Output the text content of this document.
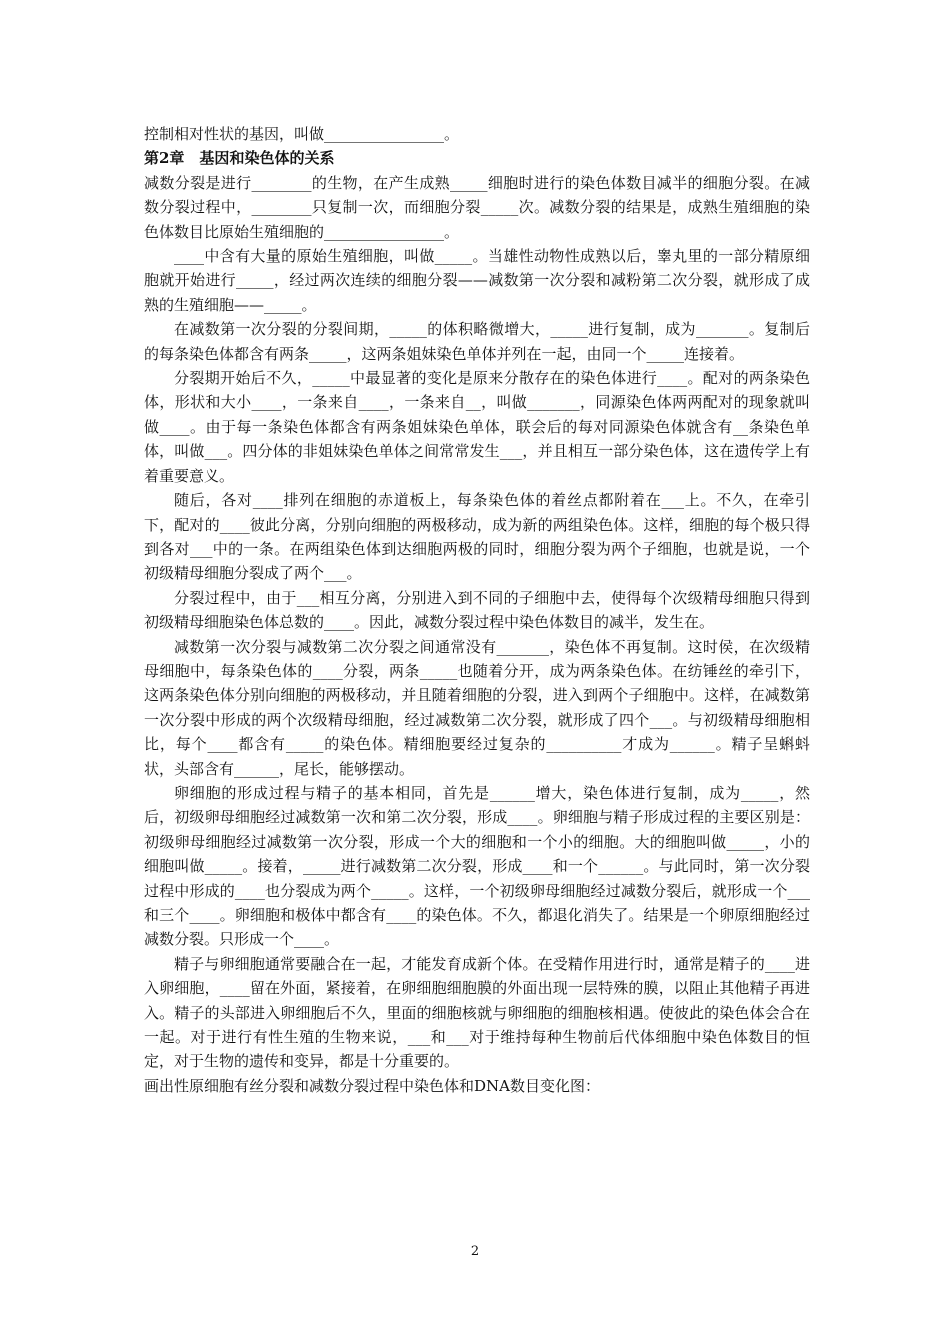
控制相对性状的基因，叫做________________。

第2章　基因和染色体的关系

减数分裂是进行________的生物，在产生成熟_____细胞时进行的染色体数目减半的细胞分裂。在减数分裂过程中，________只复制一次，而细胞分裂_____次。减数分裂的结果是，成熟生殖细胞的染色体数目比原始生殖细胞的________________。

____中含有大量的原始生殖细胞，叫做_____。当雄性动物性成熟以后，睾丸里的一部分精原细胞就开始进行_____，经过两次连续的细胞分裂——减数第一次分裂和减粉第二次分裂，就形成了成熟的生殖细胞——_____。

在减数第一次分裂的分裂间期，_____的体积略微增大，_____进行复制，成为_______。复制后的每条染色体都含有两条_____，这两条姐妹染色单体并列在一起，由同一个_____连接着。

分裂期开始后不久，_____中最显著的变化是原来分散存在的染色体进行____。配对的两条染色体，形状和大小____，一条来自____，一条来自__，叫做_______，同源染色体两两配对的现象就叫做____。由于每一条染色体都含有两条姐妹染色单体，联会后的每对同源染色体就含有__条染色单体，叫做___。四分体的非姐妹染色单体之间常常发生___，并且相互一部分染色体，这在遗传学上有着重要意义。

随后，各对____排列在细胞的赤道板上，每条染色体的着丝点都附着在___上。不久，在牵引下，配对的____彼此分离，分别向细胞的两极移动，成为新的两组染色体。这样，细胞的每个极只得到各对___中的一条。在两组染色体到达细胞两极的同时，细胞分裂为两个子细胞，也就是说，一个初级精母细胞分裂成了两个___。

分裂过程中，由于___相互分离，分别进入到不同的子细胞中去，使得每个次级精母细胞只得到初级精母细胞染色体总数的____。因此，减数分裂过程中染色体数目的减半，发生在。

减数第一次分裂与减数第二次分裂之间通常没有_______，染色体不再复制。这时侯，在次级精母细胞中，每条染色体的____分裂，两条_____也随着分开，成为两条染色体。在纺锤丝的牵引下，这两条染色体分别向细胞的两极移动，并且随着细胞的分裂，进入到两个子细胞中。这样，在减数第一次分裂中形成的两个次级精母细胞，经过减数第二次分裂，就形成了四个___。与初级精母细胞相比，每个____都含有_____的染色体。精细胞要经过复杂的__________才成为______。精子呈蝌蚪状，头部含有______，尾长，能够摆动。

卵细胞的形成过程与精子的基本相同，首先是______增大，染色体进行复制，成为_____，然后，初级卵母细胞经过减数第一次和第二次分裂，形成____。卵细胞与精子形成过程的主要区别是：初级卵母细胞经过减数第一次分裂，形成一个大的细胞和一个小的细胞。大的细胞叫做_____，小的细胞叫做_____。接着，_____进行减数第二次分裂，形成____和一个______。与此同时，第一次分裂过程中形成的____也分裂成为两个_____。这样，一个初级卵母细胞经过减数分裂后，就形成一个___和三个____。卵细胞和极体中都含有____的染色体。不久，都退化消失了。结果是一个卵原细胞经过减数分裂。只形成一个____。

精子与卵细胞通常要融合在一起，才能发育成新个体。在受精作用进行时，通常是精子的____进入卵细胞，____留在外面，紧接着，在卵细胞细胞膜的外面出现一层特殊的膜，以阻止其他精子再进入。精子的头部进入卵细胞后不久，里面的细胞核就与卵细胞的细胞核相遇。使彼此的染色体会合在一起。对于进行有性生殖的生物来说，___和___对于维持每种生物前后代体细胞中染色体数目的恒定，对于生物的遗传和变异，都是十分重要的。

画出性原细胞有丝分裂和减数分裂过程中染色体和DNA数目变化图：

2
